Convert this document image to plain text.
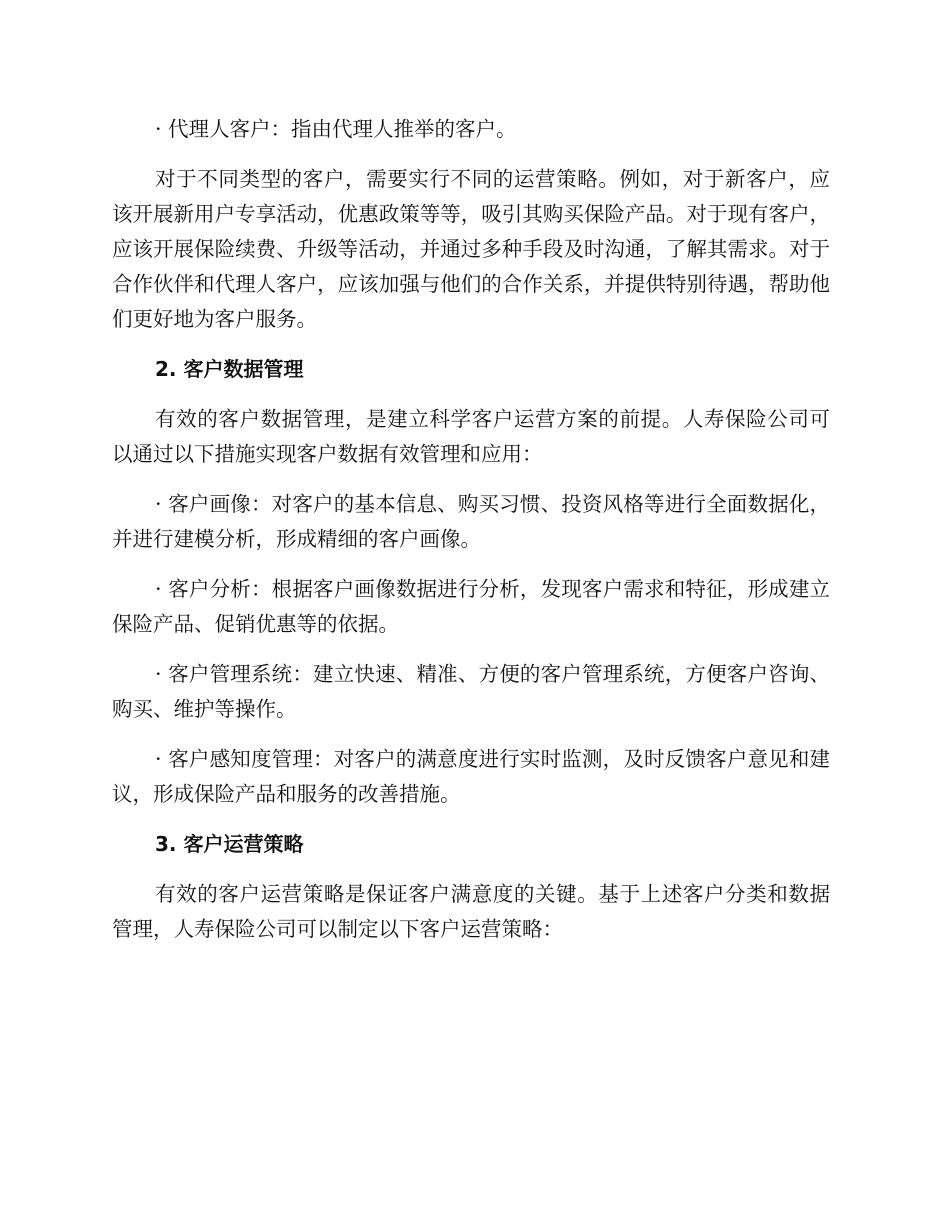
· 代理人客户：指由代理人推举的客户。

对于不同类型的客户，需要实行不同的运营策略。例如，对于新客户，应该开展新用户专享活动，优惠政策等等，吸引其购买保险产品。对于现有客户，应该开展保险续费、升级等活动，并通过多种手段及时沟通，了解其需求。对于合作伙伴和代理人客户，应该加强与他们的合作关系，并提供特别待遇，帮助他们更好地为客户服务。

2. 客户数据管理

有效的客户数据管理，是建立科学客户运营方案的前提。人寿保险公司可以通过以下措施实现客户数据有效管理和应用：

· 客户画像：对客户的基本信息、购买习惯、投资风格等进行全面数据化，并进行建模分析，形成精细的客户画像。

· 客户分析：根据客户画像数据进行分析，发现客户需求和特征，形成建立保险产品、促销优惠等的依据。

· 客户管理系统：建立快速、精准、方便的客户管理系统，方便客户咨询、购买、维护等操作。

· 客户感知度管理：对客户的满意度进行实时监测，及时反馈客户意见和建议，形成保险产品和服务的改善措施。

3. 客户运营策略

有效的客户运营策略是保证客户满意度的关键。基于上述客户分类和数据管理，人寿保险公司可以制定以下客户运营策略：
